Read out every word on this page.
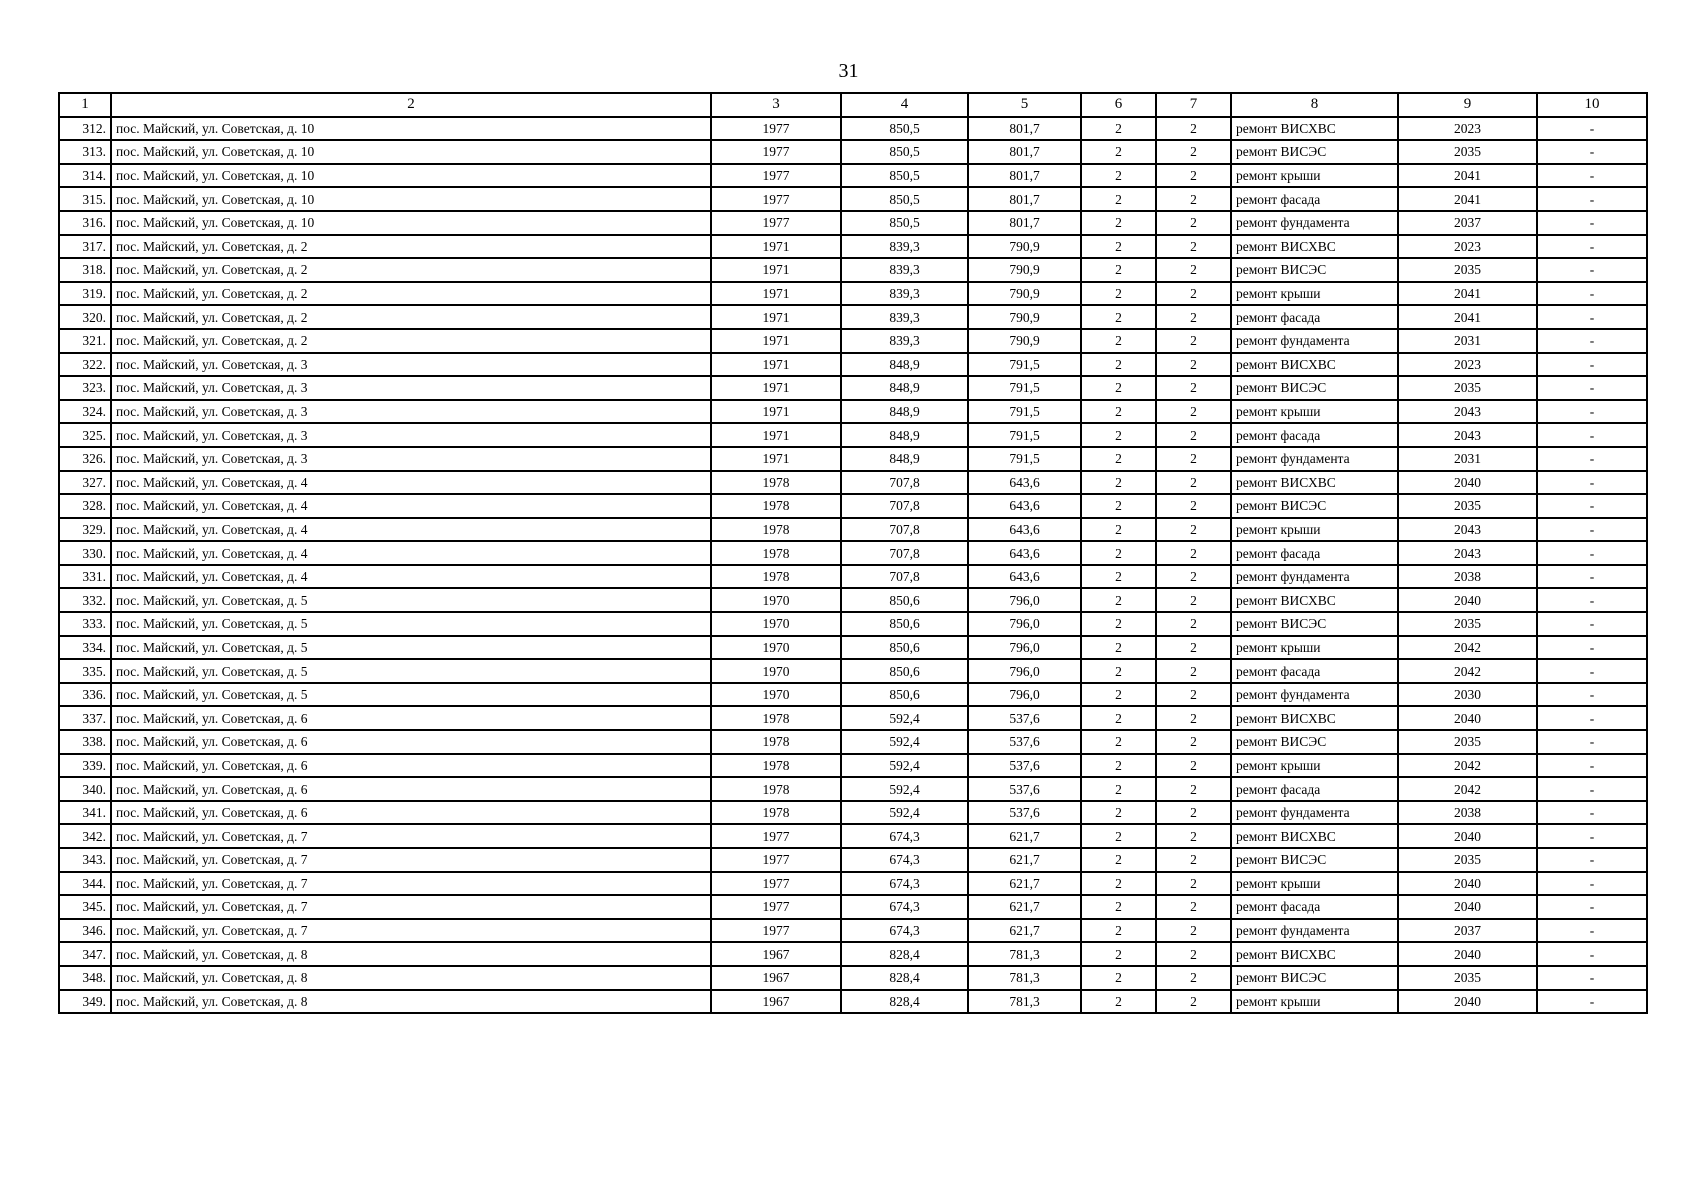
31
1	2	3	4	5	6	7	8	9	10
312.	пос. Майский, ул. Советская, д. 10	1977	850,5	801,7	2	2	ремонт ВИСХВС	2023	-
313.	пос. Майский, ул. Советская, д. 10	1977	850,5	801,7	2	2	ремонт ВИСЭС	2035	-
314.	пос. Майский, ул. Советская, д. 10	1977	850,5	801,7	2	2	ремонт крыши	2041	-
315.	пос. Майский, ул. Советская, д. 10	1977	850,5	801,7	2	2	ремонт фасада	2041	-
316.	пос. Майский, ул. Советская, д. 10	1977	850,5	801,7	2	2	ремонт фундамента	2037	-
317.	пос. Майский, ул. Советская, д. 2	1971	839,3	790,9	2	2	ремонт ВИСХВС	2023	-
318.	пос. Майский, ул. Советская, д. 2	1971	839,3	790,9	2	2	ремонт ВИСЭС	2035	-
319.	пос. Майский, ул. Советская, д. 2	1971	839,3	790,9	2	2	ремонт крыши	2041	-
320.	пос. Майский, ул. Советская, д. 2	1971	839,3	790,9	2	2	ремонт фасада	2041	-
321.	пос. Майский, ул. Советская, д. 2	1971	839,3	790,9	2	2	ремонт фундамента	2031	-
322.	пос. Майский, ул. Советская, д. 3	1971	848,9	791,5	2	2	ремонт ВИСХВС	2023	-
323.	пос. Майский, ул. Советская, д. 3	1971	848,9	791,5	2	2	ремонт ВИСЭС	2035	-
324.	пос. Майский, ул. Советская, д. 3	1971	848,9	791,5	2	2	ремонт крыши	2043	-
325.	пос. Майский, ул. Советская, д. 3	1971	848,9	791,5	2	2	ремонт фасада	2043	-
326.	пос. Майский, ул. Советская, д. 3	1971	848,9	791,5	2	2	ремонт фундамента	2031	-
327.	пос. Майский, ул. Советская, д. 4	1978	707,8	643,6	2	2	ремонт ВИСХВС	2040	-
328.	пос. Майский, ул. Советская, д. 4	1978	707,8	643,6	2	2	ремонт ВИСЭС	2035	-
329.	пос. Майский, ул. Советская, д. 4	1978	707,8	643,6	2	2	ремонт крыши	2043	-
330.	пос. Майский, ул. Советская, д. 4	1978	707,8	643,6	2	2	ремонт фасада	2043	-
331.	пос. Майский, ул. Советская, д. 4	1978	707,8	643,6	2	2	ремонт фундамента	2038	-
332.	пос. Майский, ул. Советская, д. 5	1970	850,6	796,0	2	2	ремонт ВИСХВС	2040	-
333.	пос. Майский, ул. Советская, д. 5	1970	850,6	796,0	2	2	ремонт ВИСЭС	2035	-
334.	пос. Майский, ул. Советская, д. 5	1970	850,6	796,0	2	2	ремонт крыши	2042	-
335.	пос. Майский, ул. Советская, д. 5	1970	850,6	796,0	2	2	ремонт фасада	2042	-
336.	пос. Майский, ул. Советская, д. 5	1970	850,6	796,0	2	2	ремонт фундамента	2030	-
337.	пос. Майский, ул. Советская, д. 6	1978	592,4	537,6	2	2	ремонт ВИСХВС	2040	-
338.	пос. Майский, ул. Советская, д. 6	1978	592,4	537,6	2	2	ремонт ВИСЭС	2035	-
339.	пос. Майский, ул. Советская, д. 6	1978	592,4	537,6	2	2	ремонт крыши	2042	-
340.	пос. Майский, ул. Советская, д. 6	1978	592,4	537,6	2	2	ремонт фасада	2042	-
341.	пос. Майский, ул. Советская, д. 6	1978	592,4	537,6	2	2	ремонт фундамента	2038	-
342.	пос. Майский, ул. Советская, д. 7	1977	674,3	621,7	2	2	ремонт ВИСХВС	2040	-
343.	пос. Майский, ул. Советская, д. 7	1977	674,3	621,7	2	2	ремонт ВИСЭС	2035	-
344.	пос. Майский, ул. Советская, д. 7	1977	674,3	621,7	2	2	ремонт крыши	2040	-
345.	пос. Майский, ул. Советская, д. 7	1977	674,3	621,7	2	2	ремонт фасада	2040	-
346.	пос. Майский, ул. Советская, д. 7	1977	674,3	621,7	2	2	ремонт фундамента	2037	-
347.	пос. Майский, ул. Советская, д. 8	1967	828,4	781,3	2	2	ремонт ВИСХВС	2040	-
348.	пос. Майский, ул. Советская, д. 8	1967	828,4	781,3	2	2	ремонт ВИСЭС	2035	-
349.	пос. Майский, ул. Советская, д. 8	1967	828,4	781,3	2	2	ремонт крыши	2040	-
